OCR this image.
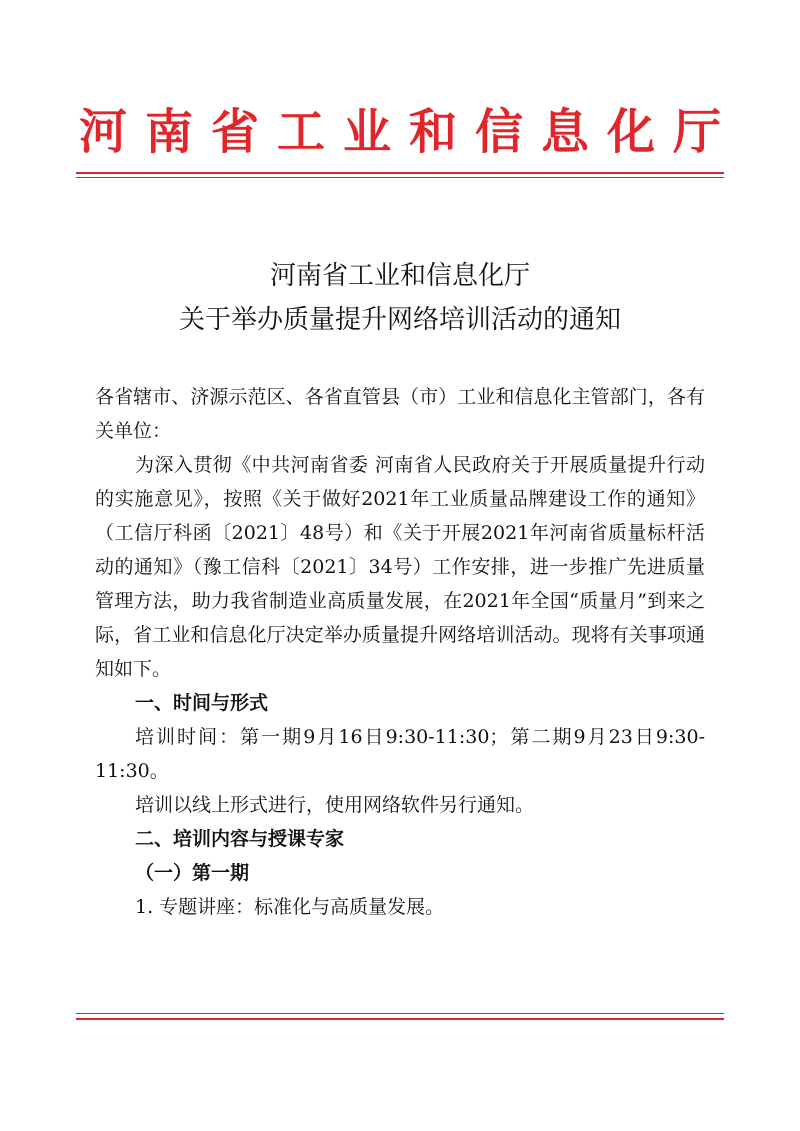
河南省工业和信息化厅
河南省工业和信息化厅
关于举办质量提升网络培训活动的通知

各省辖市、济源示范区、各省直管县（市）工业和信息化主管部门，各有关单位：

为深入贯彻《中共河南省委 河南省人民政府关于开展质量提升行动的实施意见》，按照《关于做好2021年工业质量品牌建设工作的通知》（工信厅科函〔2021〕48号）和《关于开展2021年河南省质量标杆活动的通知》（豫工信科〔2021〕34号）工作安排，进一步推广先进质量管理方法，助力我省制造业高质量发展，在2021年全国“质量月”到来之际，省工业和信息化厅决定举办质量提升网络培训活动。现将有关事项通知如下。

一、时间与形式

培训时间：第一期9月16日9:30-11:30；第二期9月23日9:30-11:30。

培训以线上形式进行，使用网络软件另行通知。

二、培训内容与授课专家

（一）第一期

1. 专题讲座：标准化与高质量发展。
